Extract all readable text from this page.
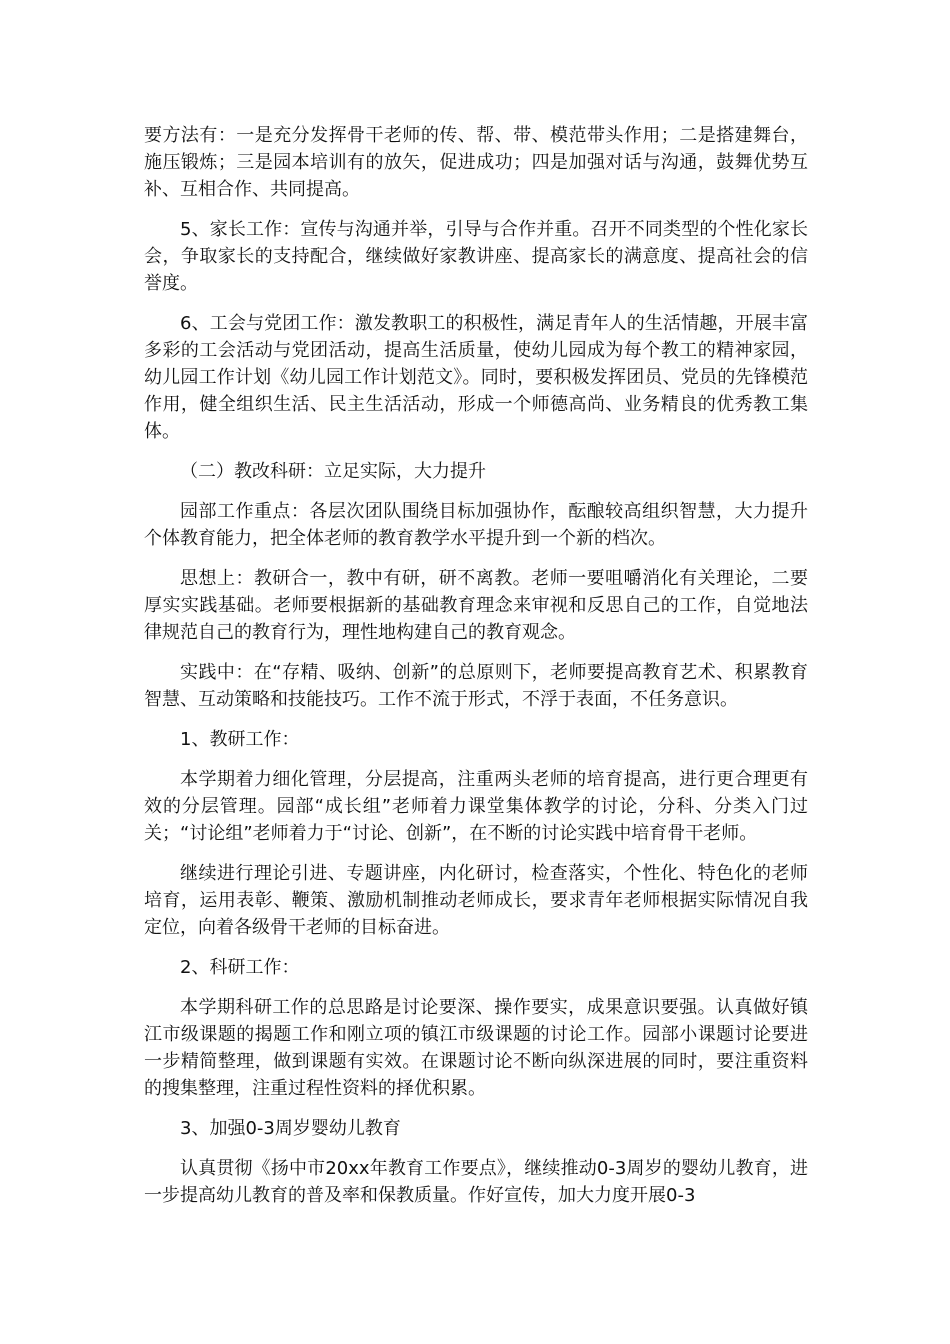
要方法有：一是充分发挥骨干老师的传、帮、带、模范带头作用；二是搭建舞台，施压锻炼；三是园本培训有的放矢，促进成功；四是加强对话与沟通，鼓舞优势互补、互相合作、共同提高。

5、家长工作：宣传与沟通并举，引导与合作并重。召开不同类型的个性化家长会，争取家长的支持配合，继续做好家教讲座、提高家长的满意度、提高社会的信誉度。

6、工会与党团工作：激发教职工的积极性，满足青年人的生活情趣，开展丰富多彩的工会活动与党团活动，提高生活质量，使幼儿园成为每个教工的精神家园，幼儿园工作计划《幼儿园工作计划范文》。同时，要积极发挥团员、党员的先锋模范作用，健全组织生活、民主生活活动，形成一个师德高尚、业务精良的优秀教工集体。

（二）教改科研：立足实际，大力提升

园部工作重点：各层次团队围绕目标加强协作，酝酿较高组织智慧，大力提升个体教育能力，把全体老师的教育教学水平提升到一个新的档次。

思想上：教研合一，教中有研，研不离教。老师一要咀嚼消化有关理论，二要厚实实践基础。老师要根据新的基础教育理念来审视和反思自己的工作，自觉地法律规范自己的教育行为，理性地构建自己的教育观念。

实践中：在“存精、吸纳、创新”的总原则下，老师要提高教育艺术、积累教育智慧、互动策略和技能技巧。工作不流于形式，不浮于表面，不任务意识。

1、教研工作：

本学期着力细化管理，分层提高，注重两头老师的培育提高，进行更合理更有效的分层管理。园部“成长组”老师着力课堂集体教学的讨论，分科、分类入门过关；“讨论组”老师着力于“讨论、创新”，在不断的讨论实践中培育骨干老师。

继续进行理论引进、专题讲座，内化研讨，检查落实，个性化、特色化的老师培育，运用表彰、鞭策、激励机制推动老师成长，要求青年老师根据实际情况自我定位，向着各级骨干老师的目标奋进。

2、科研工作：

本学期科研工作的总思路是讨论要深、操作要实，成果意识要强。认真做好镇江市级课题的揭题工作和刚立项的镇江市级课题的讨论工作。园部小课题讨论要进一步精简整理，做到课题有实效。在课题讨论不断向纵深进展的同时，要注重资料的搜集整理，注重过程性资料的择优积累。

3、加强0-3周岁婴幼儿教育

认真贯彻《扬中市20xx年教育工作要点》，继续推动0-3周岁的婴幼儿教育，进一步提高幼儿教育的普及率和保教质量。作好宣传，加大力度开展0-3
